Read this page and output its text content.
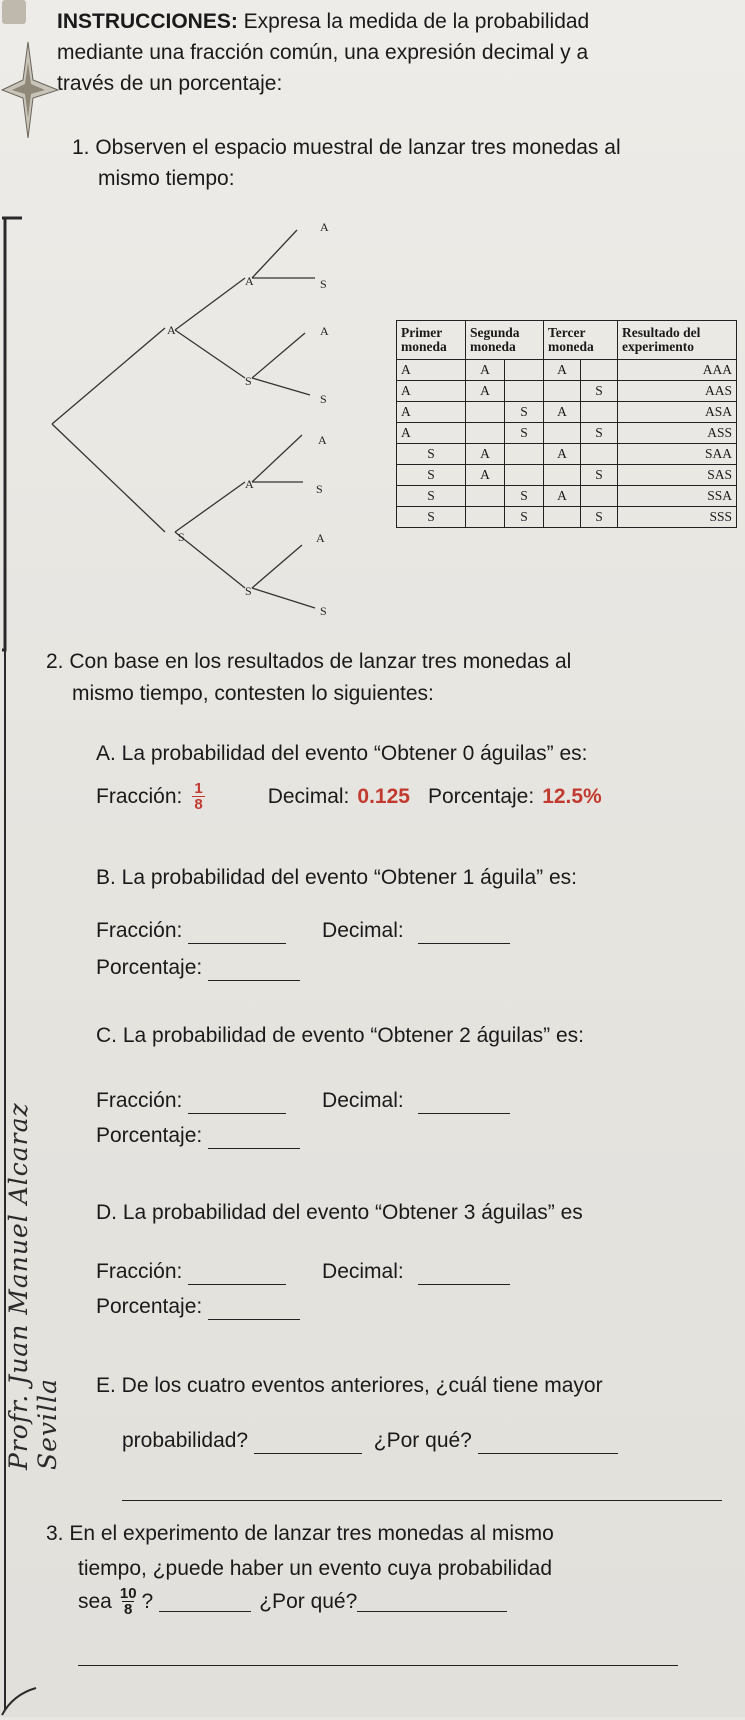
INSTRUCCIONES: Expresa la medida de la probabilidad
mediante una fracción común, una expresión decimal y a
través de un porcentaje:
1. Observen el espacio muestral de lanzar tres monedas al
mismo tiempo:
A
S
A
S
A
S
A
S
A
S
A
S
A
S
Primer moneda	Segunda moneda		Tercer moneda		Resultado del experimento
A	A		A		AAA
A	A			S	AAS
A		S	A		ASA
A		S		S	ASS
S	A		A		SAA
S	A			S	SAS
S		S	A		SSA
S		S		S	SSS
2. Con base en los resultados de lanzar tres monedas al
mismo tiempo, contesten lo siguientes:
A. La probabilidad del evento “Obtener 0 águilas” es:
Fracción: $\frac{1}{8}$	Decimal: 0.125 Porcentaje: 12.5%
B. La probabilidad del evento “Obtener 1 águila” es:
Fracción:	Decimal:
Porcentaje:
C. La probabilidad de evento “Obtener 2 águilas” es:
Fracción:	Decimal:
Porcentaje:
D. La probabilidad del evento “Obtener 3 águilas” es
Fracción:	Decimal:
Porcentaje:
E. De los cuatro eventos anteriores, ¿cuál tiene mayor
probabilidad?	¿Por qué?
3. En el experimento de lanzar tres monedas al mismo
tiempo, ¿puede haber un evento cuya probabilidad
sea $\frac{10}{8}$ ?	¿Por qué?
Profr. Juan Manuel Alcaraz Sevilla
